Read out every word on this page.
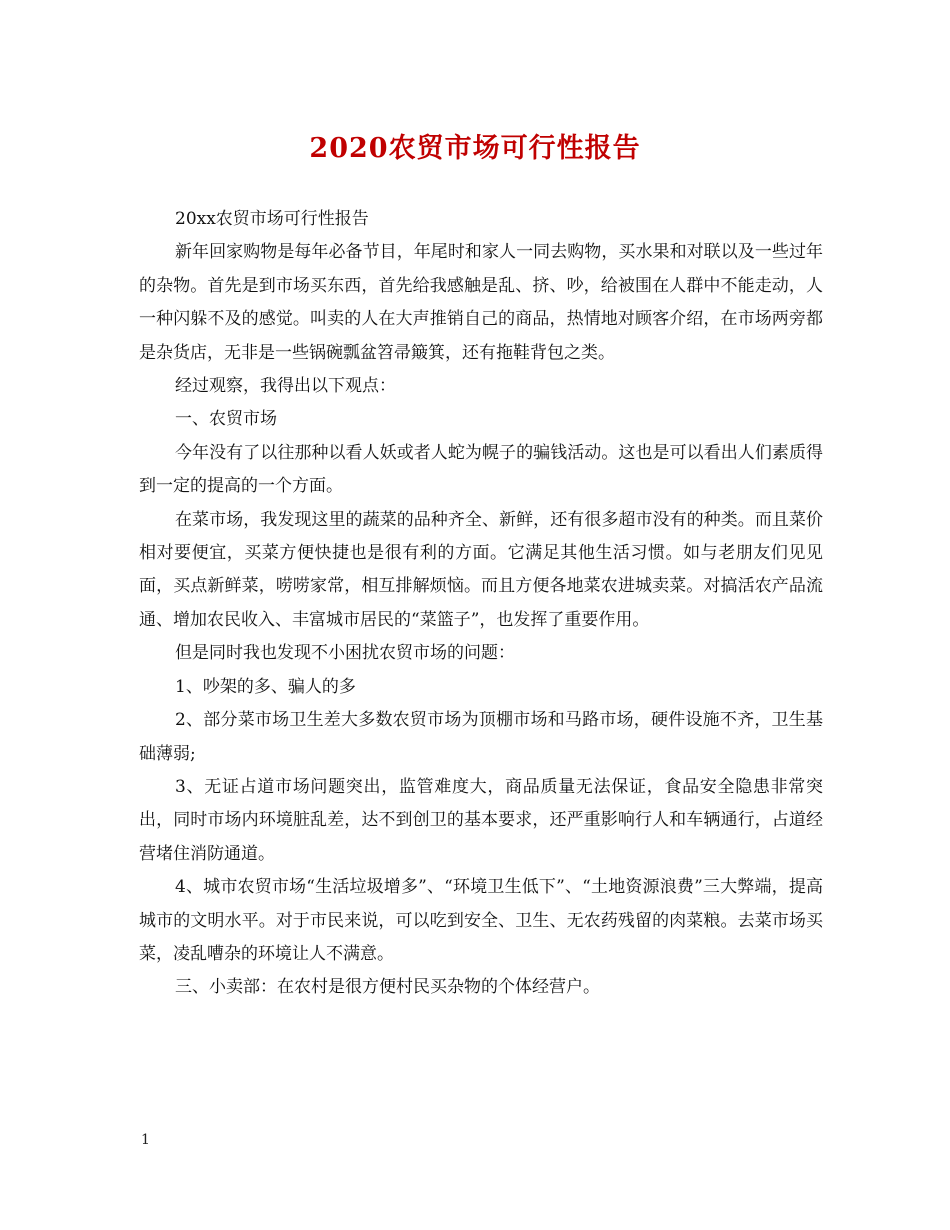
2020农贸市场可行性报告

20xx农贸市场可行性报告

新年回家购物是每年必备节目，年尾时和家人一同去购物，买水果和对联以及一些过年的杂物。首先是到市场买东西，首先给我感触是乱、挤、吵，给被围在人群中不能走动，人一种闪躲不及的感觉。叫卖的人在大声推销自己的商品，热情地对顾客介绍，在市场两旁都是杂货店，无非是一些锅碗瓢盆笤帚簸箕，还有拖鞋背包之类。

经过观察，我得出以下观点：

一、农贸市场

今年没有了以往那种以看人妖或者人蛇为幌子的骗钱活动。这也是可以看出人们素质得到一定的提高的一个方面。

在菜市场，我发现这里的蔬菜的品种齐全、新鲜，还有很多超市没有的种类。而且菜价相对要便宜，买菜方便快捷也是很有利的方面。它满足其他生活习惯。如与老朋友们见见面，买点新鲜菜，唠唠家常，相互排解烦恼。而且方便各地菜农进城卖菜。对搞活农产品流通、增加农民收入、丰富城市居民的“菜篮子”，也发挥了重要作用。

但是同时我也发现不小困扰农贸市场的问题：

1、吵架的多、骗人的多

2、部分菜市场卫生差大多数农贸市场为顶棚市场和马路市场，硬件设施不齐，卫生基础薄弱;

3、无证占道市场问题突出，监管难度大，商品质量无法保证，食品安全隐患非常突出，同时市场内环境脏乱差，达不到创卫的基本要求，还严重影响行人和车辆通行，占道经营堵住消防通道。

4、城市农贸市场“生活垃圾增多”、“环境卫生低下”、“土地资源浪费”三大弊端，提高城市的文明水平。对于市民来说，可以吃到安全、卫生、无农药残留的肉菜粮。去菜市场买菜，凌乱嘈杂的环境让人不满意。

三、小卖部：在农村是很方便村民买杂物的个体经营户。

1
